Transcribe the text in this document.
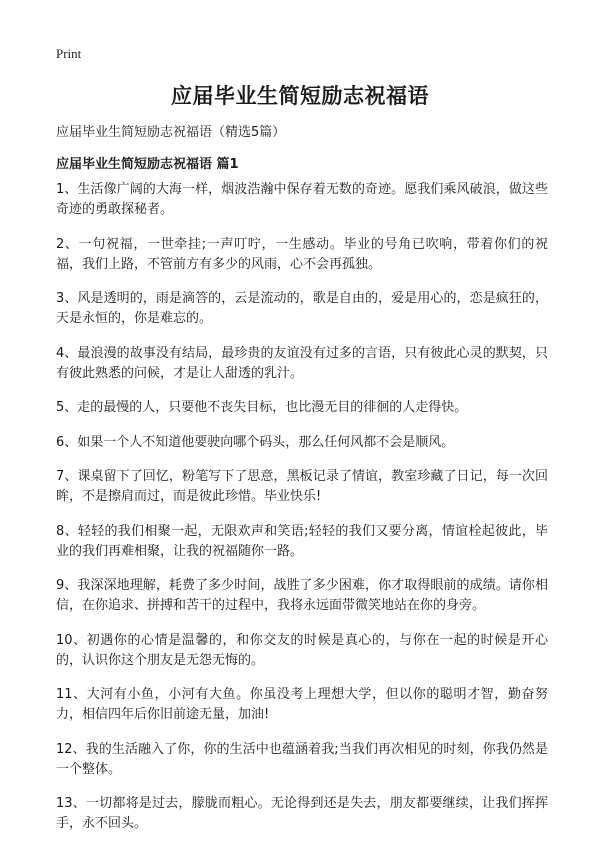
Print
应届毕业生简短励志祝福语

应届毕业生简短励志祝福语（精选5篇）

应届毕业生简短励志祝福语 篇1
1、生活像广阔的大海一样，烟波浩瀚中保存着无数的奇迹。愿我们乘风破浪，做这些奇迹的勇敢探秘者。
2、一句祝福，一世牵挂;一声叮咛，一生感动。毕业的号角已吹响，带着你们的祝福，我们上路，不管前方有多少的风雨，心不会再孤独。
3、风是透明的，雨是滴答的，云是流动的，歌是自由的，爱是用心的，恋是疯狂的，天是永恒的，你是难忘的。
4、最浪漫的故事没有结局，最珍贵的友谊没有过多的言语，只有彼此心灵的默契，只有彼此熟悉的问候，才是让人甜透的乳汁。
5、走的最慢的人，只要他不丧失目标，也比漫无目的徘徊的人走得快。
6、如果一个人不知道他要驶向哪个码头，那么任何风都不会是顺风。
7、课桌留下了回忆，粉笔写下了思意，黑板记录了情谊，教室珍藏了日记，每一次回眸，不是擦肩而过，而是彼此珍惜。毕业快乐!
8、轻轻的我们相聚一起，无限欢声和笑语;轻轻的我们又要分离，情谊栓起彼此，毕业的我们再难相聚，让我的祝福随你一路。
9、我深深地理解，耗费了多少时间，战胜了多少困难，你才取得眼前的成绩。请你相信，在你追求、拼搏和苦干的过程中，我将永远面带微笑地站在你的身旁。
10、初遇你的心情是温馨的，和你交友的时候是真心的，与你在一起的时候是开心的，认识你这个朋友是无怨无悔的。
11、大河有小鱼，小河有大鱼。你虽没考上理想大学，但以你的聪明才智，勤奋努力，相信四年后你旧前途无量，加油!
12、我的生活融入了你，你的生活中也蕴涵着我;当我们再次相见的时刻，你我仍然是一个整体。
13、一切都将是过去，朦胧而粗心。无论得到还是失去，朋友都要继续，让我们挥挥手，永不回头。
